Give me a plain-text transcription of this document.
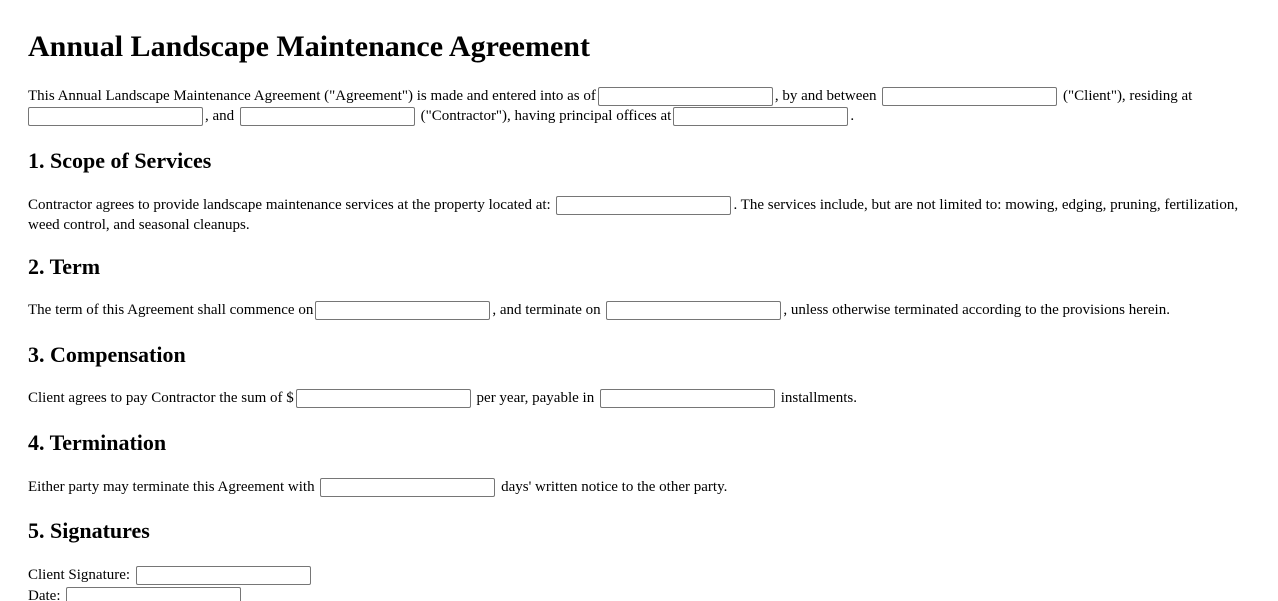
Annual Landscape Maintenance Agreement

This Annual Landscape Maintenance Agreement ("Agreement") is made and entered into as of	, by and between	("Client"), residing at
, and	("Contractor"), having principal offices at	.

1. Scope of Services

Contractor agrees to provide landscape maintenance services at the property located at:	. The services include, but are not limited to: mowing, edging, pruning, fertilization, weed control, and seasonal cleanups.

2. Term

The term of this Agreement shall commence on	, and terminate on	, unless otherwise terminated according to the provisions herein.

3. Compensation

Client agrees to pay Contractor the sum of $	per year, payable in	installments.

4. Termination

Either party may terminate this Agreement with	days' written notice to the other party.

5. Signatures
Client Signature:
Date:
